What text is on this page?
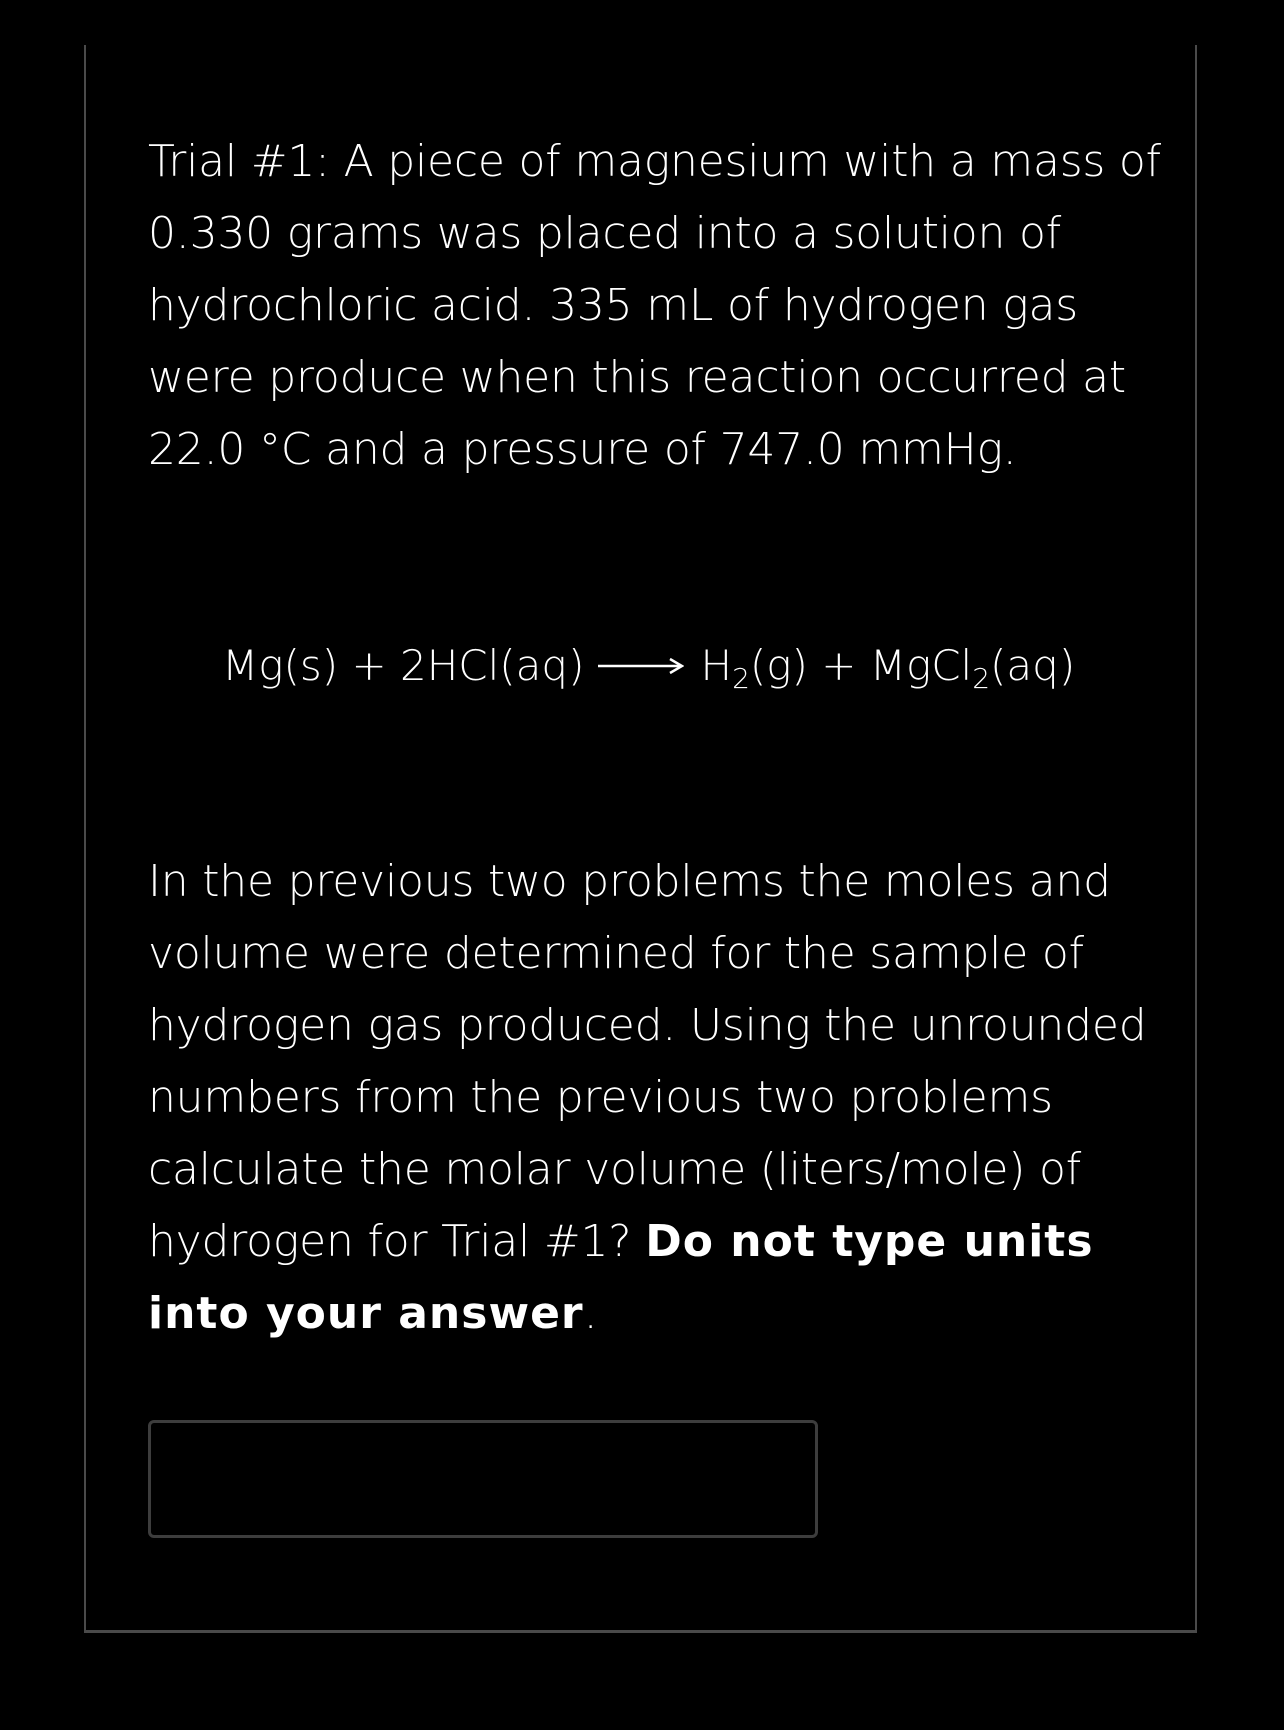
Trial #1: A piece of magnesium with a mass of
0.330 grams was placed into a solution of
hydrochloric acid. 335 mL of hydrogen gas
were produce when this reaction occurred at
22.0 °C and a pressure of 747.0 mmHg.
$Mg(s) + 2HCl(aq) \to H_2(g)$ + MgCl$_2$(aq)
In the previous two problems the moles and
volume were determined for the sample of
hydrogen gas produced. Using the unrounded
numbers from the previous two problems
calculate the molar volume (liters/mole) of
hydrogen for Trial #1? Do not type units
into your answer.
